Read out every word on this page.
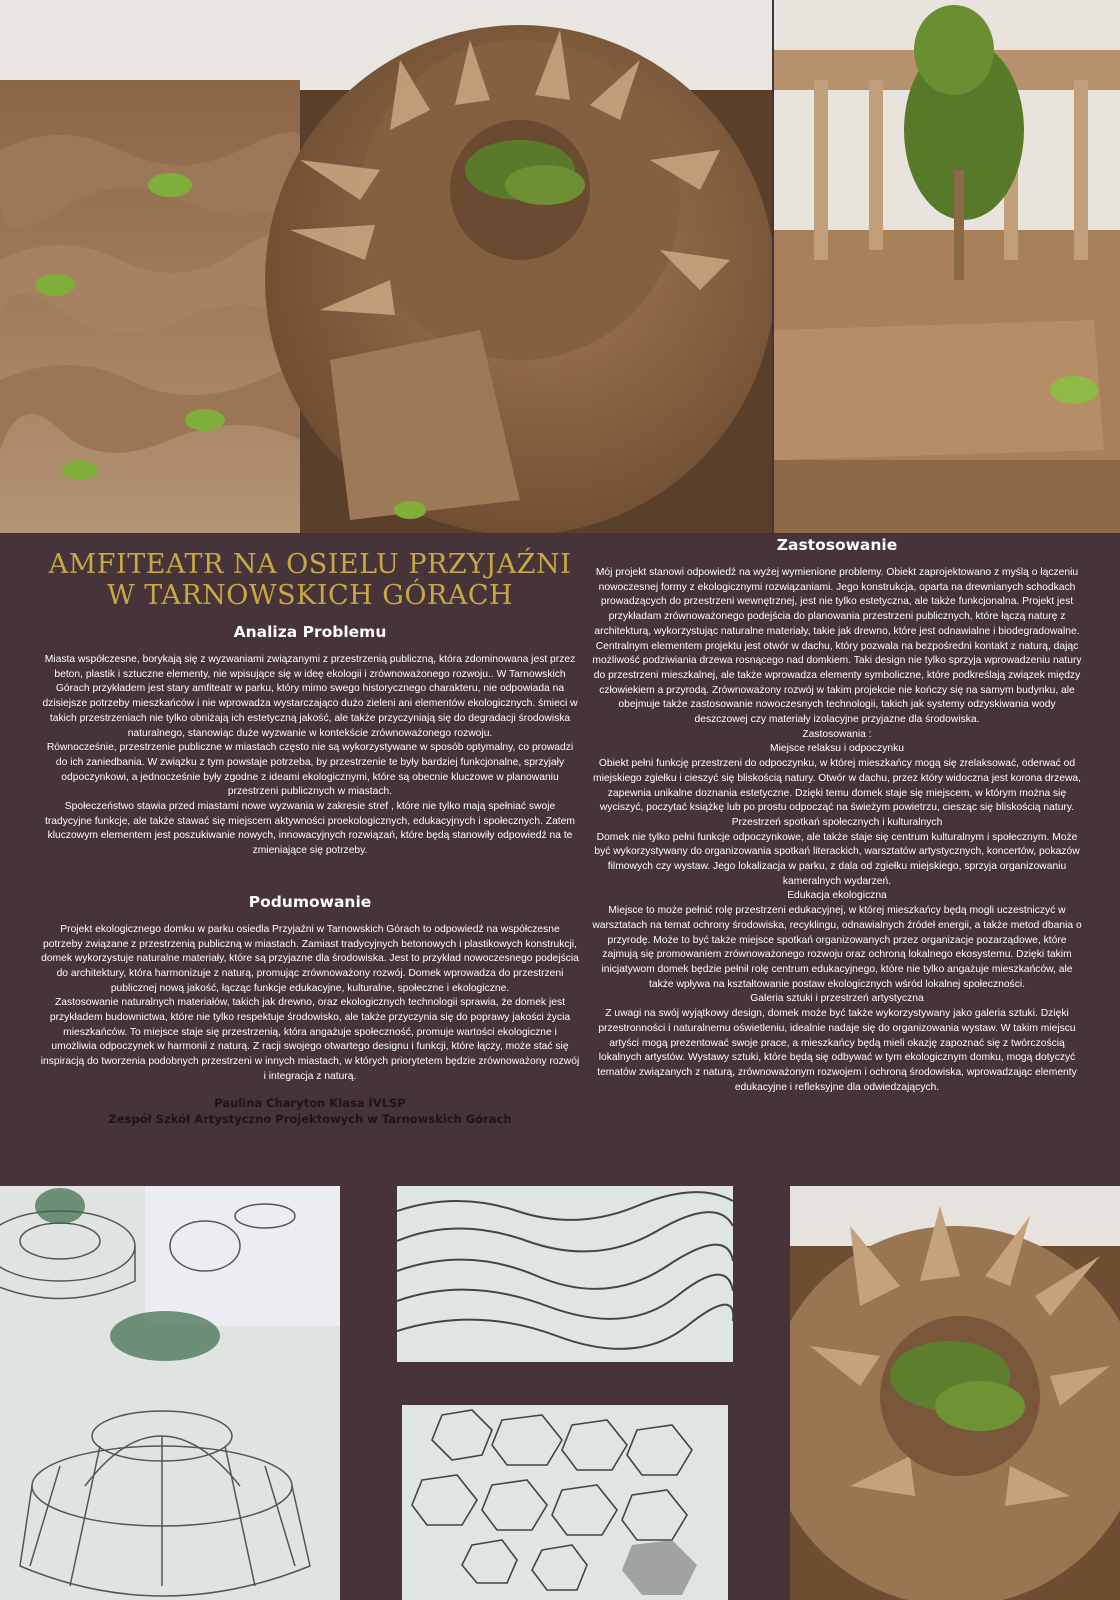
AMFITEATR NA OSIELU PRZYJAŹNI W TARNOWSKICH GÓRACH
Analiza Problemu

Miasta współczesne, borykają się z wyzwaniami związanymi z przestrzenią publiczną, która zdominowana jest przez beton, plastik i sztuczne elementy, nie wpisujące się w ideę ekologii i zrównoważonego rozwoju.. W Tarnowskich Górach przykładem jest stary amfiteatr w parku, który mimo swego historycznego charakteru, nie odpowiada na dzisiejsze potrzeby mieszkańców i nie wprowadza wystarczająco dużo zieleni ani elementów ekologicznych. śmieci w takich przestrzeniach nie tylko obniżają ich estetyczną jakość, ale także przyczyniają się do degradacji środowiska naturalnego, stanowiąc duże wyzwanie w kontekście zrównoważonego rozwoju.

Równocześnie, przestrzenie publiczne w miastach często nie są wykorzystywane w sposób optymalny, co prowadzi do ich zaniedbania. W związku z tym powstaje potrzeba, by przestrzenie te były bardziej funkcjonalne, sprzyjały odpoczynkowi, a jednocześnie były zgodne z ideami ekologicznymi, które są obecnie kluczowe w planowaniu przestrzeni publicznych w miastach.

Społeczeństwo stawia przed miastami nowe wyzwania w zakresie stref , które nie tylko mają spełniać swoje tradycyjne funkcje, ale także stawać się miejscem aktywności proekologicznych, edukacyjnych i społecznych. Zatem kluczowym elementem jest poszukiwanie nowych, innowacyjnych rozwiązań, które będą stanowiły odpowiedź na te zmieniające się potrzeby.

Podumowanie

Projekt ekologicznego domku w parku osiedla Przyjaźni w Tarnowskich Górach to odpowiedź na współczesne potrzeby związane z przestrzenią publiczną w miastach. Zamiast tradycyjnych betonowych i plastikowych konstrukcji, domek wykorzystuje naturalne materiały, które są przyjazne dla środowiska. Jest to przykład nowoczesnego podejścia do architektury, która harmonizuje z naturą, promując zrównoważony rozwój. Domek wprowadza do przestrzeni publicznej nową jakość, łącząc funkcje edukacyjne, kulturalne, społeczne i ekologiczne.

Zastosowanie naturalnych materiałów, takich jak drewno, oraz ekologicznych technologii sprawia, że domek jest przykładem budownictwa, które nie tylko respektuje środowisko, ale także przyczynia się do poprawy jakości życia mieszkańców. To miejsce staje się przestrzenią, która angażuje społeczność, promuje wartości ekologiczne i umożliwia odpoczynek w harmonii z naturą. Z racji swojego otwartego designu i funkcji, które łączy, może stać się inspiracją do tworzenia podobnych przestrzeni w innych miastach, w których priorytetem będzie zrównoważony rozwój i integracja z naturą.

Paulina Charyton Klasa IVLSP
Zespół Szkół Artystyczno Projektowych w Tarnowskich Górach
Zastosowanie

Mój projekt stanowi odpowiedź na wyżej wymienione problemy. Obiekt zaprojektowano z myślą o łączeniu nowoczesnej formy z ekologicznymi rozwiązaniami. Jego konstrukcja, oparta na drewnianych schodkach prowadzących do przestrzeni wewnętrznej, jest nie tylko estetyczna, ale także funkcjonalna. Projekt jest przykładam zrównoważonego podejścia do planowania przestrzeni publicznych, które łączą naturę z architekturą, wykorzystując naturalne materiały, takie jak drewno, które jest odnawialne i biodegradowalne.

Centralnym elementem projektu jest otwór w dachu, który pozwala na bezpośredni kontakt z naturą, dając możliwość podziwiania drzewa rosnącego nad domkiem. Taki design nie tylko sprzyja wprowadzeniu natury do przestrzeni mieszkalnej, ale także wprowadza elementy symboliczne, które podkreślają związek między człowiekiem a przyrodą. Zrównoważony rozwój w takim projekcie nie kończy się na samym budynku, ale obejmuje także zastosowanie nowoczesnych technologii, takich jak systemy odzyskiwania wody deszczowej czy materiały izolacyjne przyjazne dla środowiska.

Zastosowania :

Miejsce relaksu i odpoczynku

Obiekt pełni funkcję przestrzeni do odpoczynku, w której mieszkańcy mogą się zrelaksować, oderwać od miejskiego zgiełku i cieszyć się bliskością natury. Otwór w dachu, przez który widoczna jest korona drzewa, zapewnia unikalne doznania estetyczne. Dzięki temu domek staje się miejscem, w którym można się wyciszyć, poczytać książkę lub po prostu odpocząć na świeżym powietrzu, ciesząc się bliskością natury.

Przestrzeń spotkań społecznych i kulturalnych

Domek nie tylko pełni funkcje odpoczynkowe, ale także staje się centrum kulturalnym i społecznym. Może być wykorzystywany do organizowania spotkań literackich, warsztatów artystycznych, koncertów, pokazów filmowych czy wystaw. Jego lokalizacja w parku, z dala od zgiełku miejskiego, sprzyja organizowaniu kameralnych wydarzeń.

Edukacja ekologiczna

Miejsce to może pełnić rolę przestrzeni edukacyjnej, w której mieszkańcy będą mogli uczestniczyć w warsztatach na temat ochrony środowiska, recyklingu, odnawialnych źródeł energii, a także metod dbania o przyrodę. Może to być także miejsce spotkań organizowanych przez organizacje pozarządowe, które zajmują się promowaniem zrównoważonego rozwoju oraz ochroną lokalnego ekosystemu. Dzięki takim inicjatywom domek będzie pełnił rolę centrum edukacyjnego, które nie tylko angażuje mieszkańców, ale także wpływa na kształtowanie postaw ekologicznych wśród lokalnej społeczności.

Galeria sztuki i przestrzeń artystyczna

Z uwagi na swój wyjątkowy design, domek może być także wykorzystywany jako galeria sztuki. Dzięki przestronności i naturalnemu oświetleniu, idealnie nadaje się do organizowania wystaw. W takim miejscu artyści mogą prezentować swoje prace, a mieszkańcy będą mieli okazję zapoznać się z twórczością lokalnych artystów. Wystawy sztuki, które będą się odbywać w tym ekologicznym domku, mogą dotyczyć tematów związanych z naturą, zrównoważonym rozwojem i ochroną środowiska, wprowadzając elementy edukacyjne i refleksyjne dla odwiedzających.
